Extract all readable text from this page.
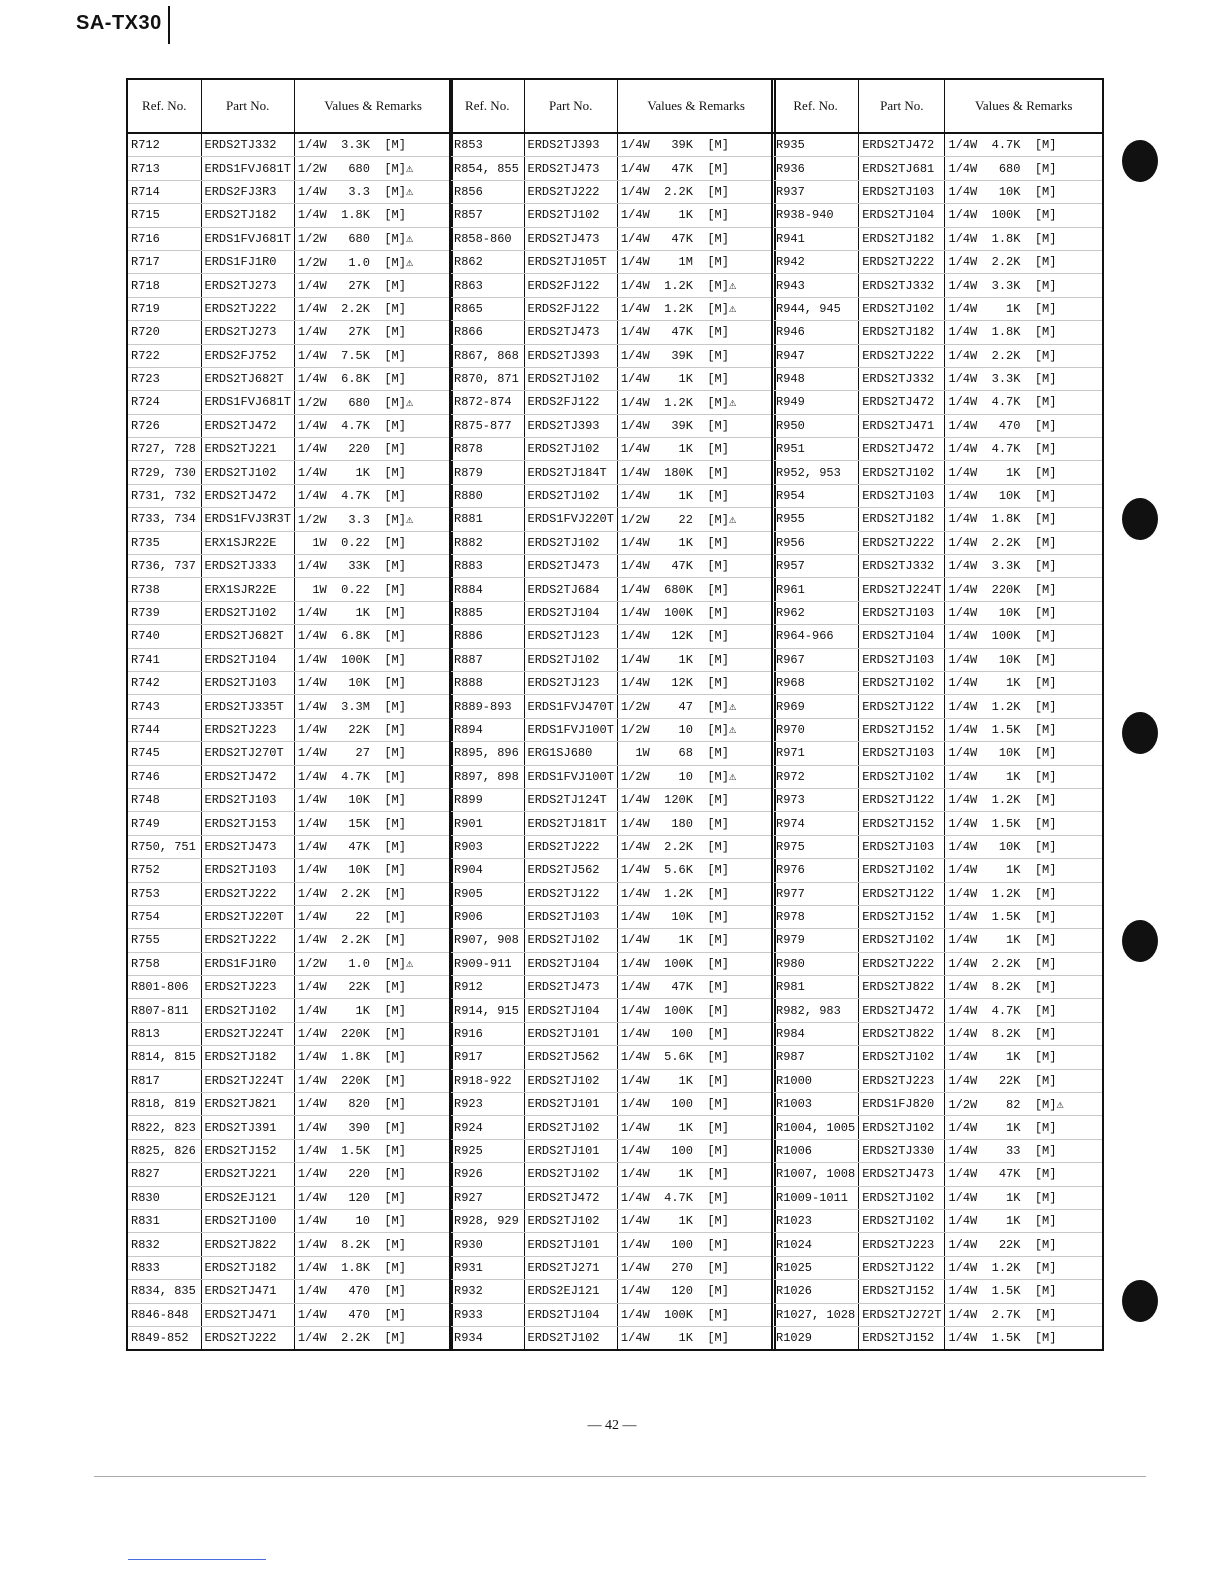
SA-TX30
Ref. No.	Part No.	Values & Remarks
R712	ERDS2TJ332	1/4W  3.3K  [M]
R713	ERDS1FVJ681T	1/2W   680  [M]⚠
R714	ERDS2FJ3R3	1/4W   3.3  [M]⚠
R715	ERDS2TJ182	1/4W  1.8K  [M]
R716	ERDS1FVJ681T	1/2W   680  [M]⚠
R717	ERDS1FJ1R0	1/2W   1.0  [M]⚠
R718	ERDS2TJ273	1/4W   27K  [M]
R719	ERDS2TJ222	1/4W  2.2K  [M]
R720	ERDS2TJ273	1/4W   27K  [M]
R722	ERDS2FJ752	1/4W  7.5K  [M]
R723	ERDS2TJ682T	1/4W  6.8K  [M]
R724	ERDS1FVJ681T	1/2W   680  [M]⚠
R726	ERDS2TJ472	1/4W  4.7K  [M]
R727, 728	ERDS2TJ221	1/4W   220  [M]
R729, 730	ERDS2TJ102	1/4W    1K  [M]
R731, 732	ERDS2TJ472	1/4W  4.7K  [M]
R733, 734	ERDS1FVJ3R3T	1/2W   3.3  [M]⚠
R735	ERX1SJR22E	1W  0.22  [M]
R736, 737	ERDS2TJ333	1/4W   33K  [M]
R738	ERX1SJR22E	1W  0.22  [M]
R739	ERDS2TJ102	1/4W    1K  [M]
R740	ERDS2TJ682T	1/4W  6.8K  [M]
R741	ERDS2TJ104	1/4W  100K  [M]
R742	ERDS2TJ103	1/4W   10K  [M]
R743	ERDS2TJ335T	1/4W  3.3M  [M]
R744	ERDS2TJ223	1/4W   22K  [M]
R745	ERDS2TJ270T	1/4W    27  [M]
R746	ERDS2TJ472	1/4W  4.7K  [M]
R748	ERDS2TJ103	1/4W   10K  [M]
R749	ERDS2TJ153	1/4W   15K  [M]
R750, 751	ERDS2TJ473	1/4W   47K  [M]
R752	ERDS2TJ103	1/4W   10K  [M]
R753	ERDS2TJ222	1/4W  2.2K  [M]
R754	ERDS2TJ220T	1/4W    22  [M]
R755	ERDS2TJ222	1/4W  2.2K  [M]
R758	ERDS1FJ1R0	1/2W   1.0  [M]⚠
R801-806	ERDS2TJ223	1/4W   22K  [M]
R807-811	ERDS2TJ102	1/4W    1K  [M]
R813	ERDS2TJ224T	1/4W  220K  [M]
R814, 815	ERDS2TJ182	1/4W  1.8K  [M]
R817	ERDS2TJ224T	1/4W  220K  [M]
R818, 819	ERDS2TJ821	1/4W   820  [M]
R822, 823	ERDS2TJ391	1/4W   390  [M]
R825, 826	ERDS2TJ152	1/4W  1.5K  [M]
R827	ERDS2TJ221	1/4W   220  [M]
R830	ERDS2EJ121	1/4W   120  [M]
R831	ERDS2TJ100	1/4W    10  [M]
R832	ERDS2TJ822	1/4W  8.2K  [M]
R833	ERDS2TJ182	1/4W  1.8K  [M]
R834, 835	ERDS2TJ471	1/4W   470  [M]
R846-848	ERDS2TJ471	1/4W   470  [M]
R849-852	ERDS2TJ222	1/4W  2.2K  [M]
Ref. No.	Part No.	Values & Remarks
R853	ERDS2TJ393	1/4W   39K  [M]
R854, 855	ERDS2TJ473	1/4W   47K  [M]
R856	ERDS2TJ222	1/4W  2.2K  [M]
R857	ERDS2TJ102	1/4W    1K  [M]
R858-860	ERDS2TJ473	1/4W   47K  [M]
R862	ERDS2TJ105T	1/4W    1M  [M]
R863	ERDS2FJ122	1/4W  1.2K  [M]⚠
R865	ERDS2FJ122	1/4W  1.2K  [M]⚠
R866	ERDS2TJ473	1/4W   47K  [M]
R867, 868	ERDS2TJ393	1/4W   39K  [M]
R870, 871	ERDS2TJ102	1/4W    1K  [M]
R872-874	ERDS2FJ122	1/4W  1.2K  [M]⚠
R875-877	ERDS2TJ393	1/4W   39K  [M]
R878	ERDS2TJ102	1/4W    1K  [M]
R879	ERDS2TJ184T	1/4W  180K  [M]
R880	ERDS2TJ102	1/4W    1K  [M]
R881	ERDS1FVJ220T	1/2W    22  [M]⚠
R882	ERDS2TJ102	1/4W    1K  [M]
R883	ERDS2TJ473	1/4W   47K  [M]
R884	ERDS2TJ684	1/4W  680K  [M]
R885	ERDS2TJ104	1/4W  100K  [M]
R886	ERDS2TJ123	1/4W   12K  [M]
R887	ERDS2TJ102	1/4W    1K  [M]
R888	ERDS2TJ123	1/4W   12K  [M]
R889-893	ERDS1FVJ470T	1/2W    47  [M]⚠
R894	ERDS1FVJ100T	1/2W    10  [M]⚠
R895, 896	ERG1SJ680	1W    68  [M]
R897, 898	ERDS1FVJ100T	1/2W    10  [M]⚠
R899	ERDS2TJ124T	1/4W  120K  [M]
R901	ERDS2TJ181T	1/4W   180  [M]
R903	ERDS2TJ222	1/4W  2.2K  [M]
R904	ERDS2TJ562	1/4W  5.6K  [M]
R905	ERDS2TJ122	1/4W  1.2K  [M]
R906	ERDS2TJ103	1/4W   10K  [M]
R907, 908	ERDS2TJ102	1/4W    1K  [M]
R909-911	ERDS2TJ104	1/4W  100K  [M]
R912	ERDS2TJ473	1/4W   47K  [M]
R914, 915	ERDS2TJ104	1/4W  100K  [M]
R916	ERDS2TJ101	1/4W   100  [M]
R917	ERDS2TJ562	1/4W  5.6K  [M]
R918-922	ERDS2TJ102	1/4W    1K  [M]
R923	ERDS2TJ101	1/4W   100  [M]
R924	ERDS2TJ102	1/4W    1K  [M]
R925	ERDS2TJ101	1/4W   100  [M]
R926	ERDS2TJ102	1/4W    1K  [M]
R927	ERDS2TJ472	1/4W  4.7K  [M]
R928, 929	ERDS2TJ102	1/4W    1K  [M]
R930	ERDS2TJ101	1/4W   100  [M]
R931	ERDS2TJ271	1/4W   270  [M]
R932	ERDS2EJ121	1/4W   120  [M]
R933	ERDS2TJ104	1/4W  100K  [M]
R934	ERDS2TJ102	1/4W    1K  [M]
Ref. No.	Part No.	Values & Remarks
R935	ERDS2TJ472	1/4W  4.7K  [M]
R936	ERDS2TJ681	1/4W   680  [M]
R937	ERDS2TJ103	1/4W   10K  [M]
R938-940	ERDS2TJ104	1/4W  100K  [M]
R941	ERDS2TJ182	1/4W  1.8K  [M]
R942	ERDS2TJ222	1/4W  2.2K  [M]
R943	ERDS2TJ332	1/4W  3.3K  [M]
R944, 945	ERDS2TJ102	1/4W    1K  [M]
R946	ERDS2TJ182	1/4W  1.8K  [M]
R947	ERDS2TJ222	1/4W  2.2K  [M]
R948	ERDS2TJ332	1/4W  3.3K  [M]
R949	ERDS2TJ472	1/4W  4.7K  [M]
R950	ERDS2TJ471	1/4W   470  [M]
R951	ERDS2TJ472	1/4W  4.7K  [M]
R952, 953	ERDS2TJ102	1/4W    1K  [M]
R954	ERDS2TJ103	1/4W   10K  [M]
R955	ERDS2TJ182	1/4W  1.8K  [M]
R956	ERDS2TJ222	1/4W  2.2K  [M]
R957	ERDS2TJ332	1/4W  3.3K  [M]
R961	ERDS2TJ224T	1/4W  220K  [M]
R962	ERDS2TJ103	1/4W   10K  [M]
R964-966	ERDS2TJ104	1/4W  100K  [M]
R967	ERDS2TJ103	1/4W   10K  [M]
R968	ERDS2TJ102	1/4W    1K  [M]
R969	ERDS2TJ122	1/4W  1.2K  [M]
R970	ERDS2TJ152	1/4W  1.5K  [M]
R971	ERDS2TJ103	1/4W   10K  [M]
R972	ERDS2TJ102	1/4W    1K  [M]
R973	ERDS2TJ122	1/4W  1.2K  [M]
R974	ERDS2TJ152	1/4W  1.5K  [M]
R975	ERDS2TJ103	1/4W   10K  [M]
R976	ERDS2TJ102	1/4W    1K  [M]
R977	ERDS2TJ122	1/4W  1.2K  [M]
R978	ERDS2TJ152	1/4W  1.5K  [M]
R979	ERDS2TJ102	1/4W    1K  [M]
R980	ERDS2TJ222	1/4W  2.2K  [M]
R981	ERDS2TJ822	1/4W  8.2K  [M]
R982, 983	ERDS2TJ472	1/4W  4.7K  [M]
R984	ERDS2TJ822	1/4W  8.2K  [M]
R987	ERDS2TJ102	1/4W    1K  [M]
R1000	ERDS2TJ223	1/4W   22K  [M]
R1003	ERDS1FJ820	1/2W    82  [M]⚠
R1004, 1005	ERDS2TJ102	1/4W    1K  [M]
R1006	ERDS2TJ330	1/4W    33  [M]
R1007, 1008	ERDS2TJ473	1/4W   47K  [M]
R1009-1011	ERDS2TJ102	1/4W    1K  [M]
R1023	ERDS2TJ102	1/4W    1K  [M]
R1024	ERDS2TJ223	1/4W   22K  [M]
R1025	ERDS2TJ122	1/4W  1.2K  [M]
R1026	ERDS2TJ152	1/4W  1.5K  [M]
R1027, 1028	ERDS2TJ272T	1/4W  2.7K  [M]
R1029	ERDS2TJ152	1/4W  1.5K  [M]
— 42 —
